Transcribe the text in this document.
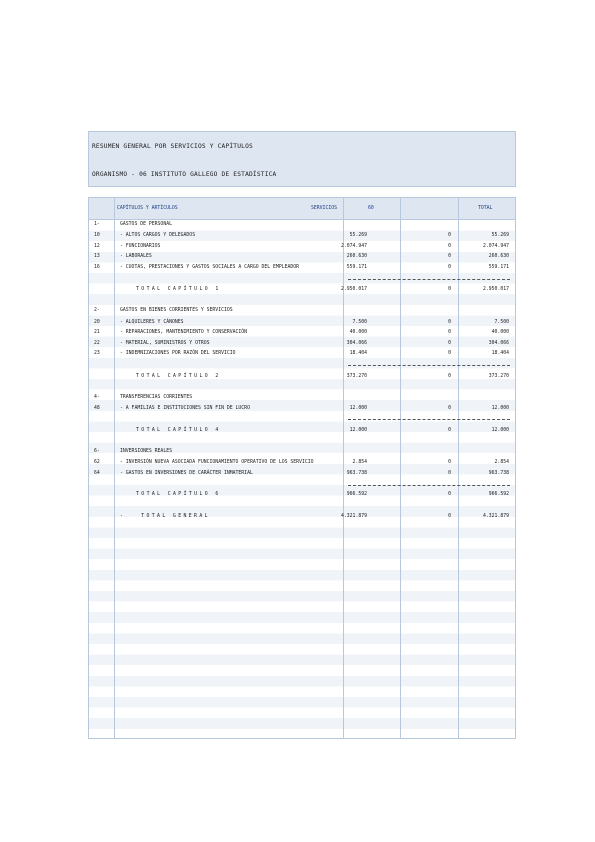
RESUMEN GENERAL POR SERVICIOS Y CAPÍTULOS
ORGANISMO - 06 INSTITUTO GALLEGO DE ESTADÍSTICA
CAPÍTULOS Y ARTÍCULOS	SERVICIOS	60	TOTAL
1-	GASTOS DE PERSONAL
10	- ALTOS CARGOS Y DELEGADOS	55.269	0	55.269
12	- FUNCIONARIOS	2.074.947	0	2.074.947
13	- LABORALES	260.630	0	260.630
16	- CUOTAS, PRESTACIONES Y GASTOS SOCIALES A CARGO DEL EMPLEADOR	559.171	0	559.171
TOTAL CAPÍTULO 1	2.950.017	0	2.950.017
2-	GASTOS EN BIENES CORRIENTES Y SERVICIOS
20	- ALQUILERES Y CÁNONES	7.500	0	7.500
21	- REPARACIONES, MANTENIMIENTO Y CONSERVACIÓN	40.000	0	40.000
22	- MATERIAL, SUMINISTROS Y OTROS	304.066	0	304.066
23	- INDEMNIZACIONES POR RAZÓN DEL SERVICIO	18.404	0	18.404
TOTAL CAPÍTULO 2	373.270	0	373.270
4-	TRANSFERENCIAS CORRIENTES
48	- A FAMILIAS E INSTITUCIONES SIN FIN DE LUCRO	12.000	0	12.000
TOTAL CAPÍTULO 4	12.000	0	12.000
6-	INVERSIONES REALES
62	- INVERSIÓN NUEVA ASOCIADA FUNCIONAMIENTO OPERATIVO DE LOS SERVICIO	2.854	0	2.854
64	- GASTOS EN INVERSIONES DE CARÁCTER INMATERIAL	963.738	0	963.738
TOTAL CAPÍTULO 6	966.592	0	966.592
-	TOTAL GENERAL	4.321.879	0	4.321.879
